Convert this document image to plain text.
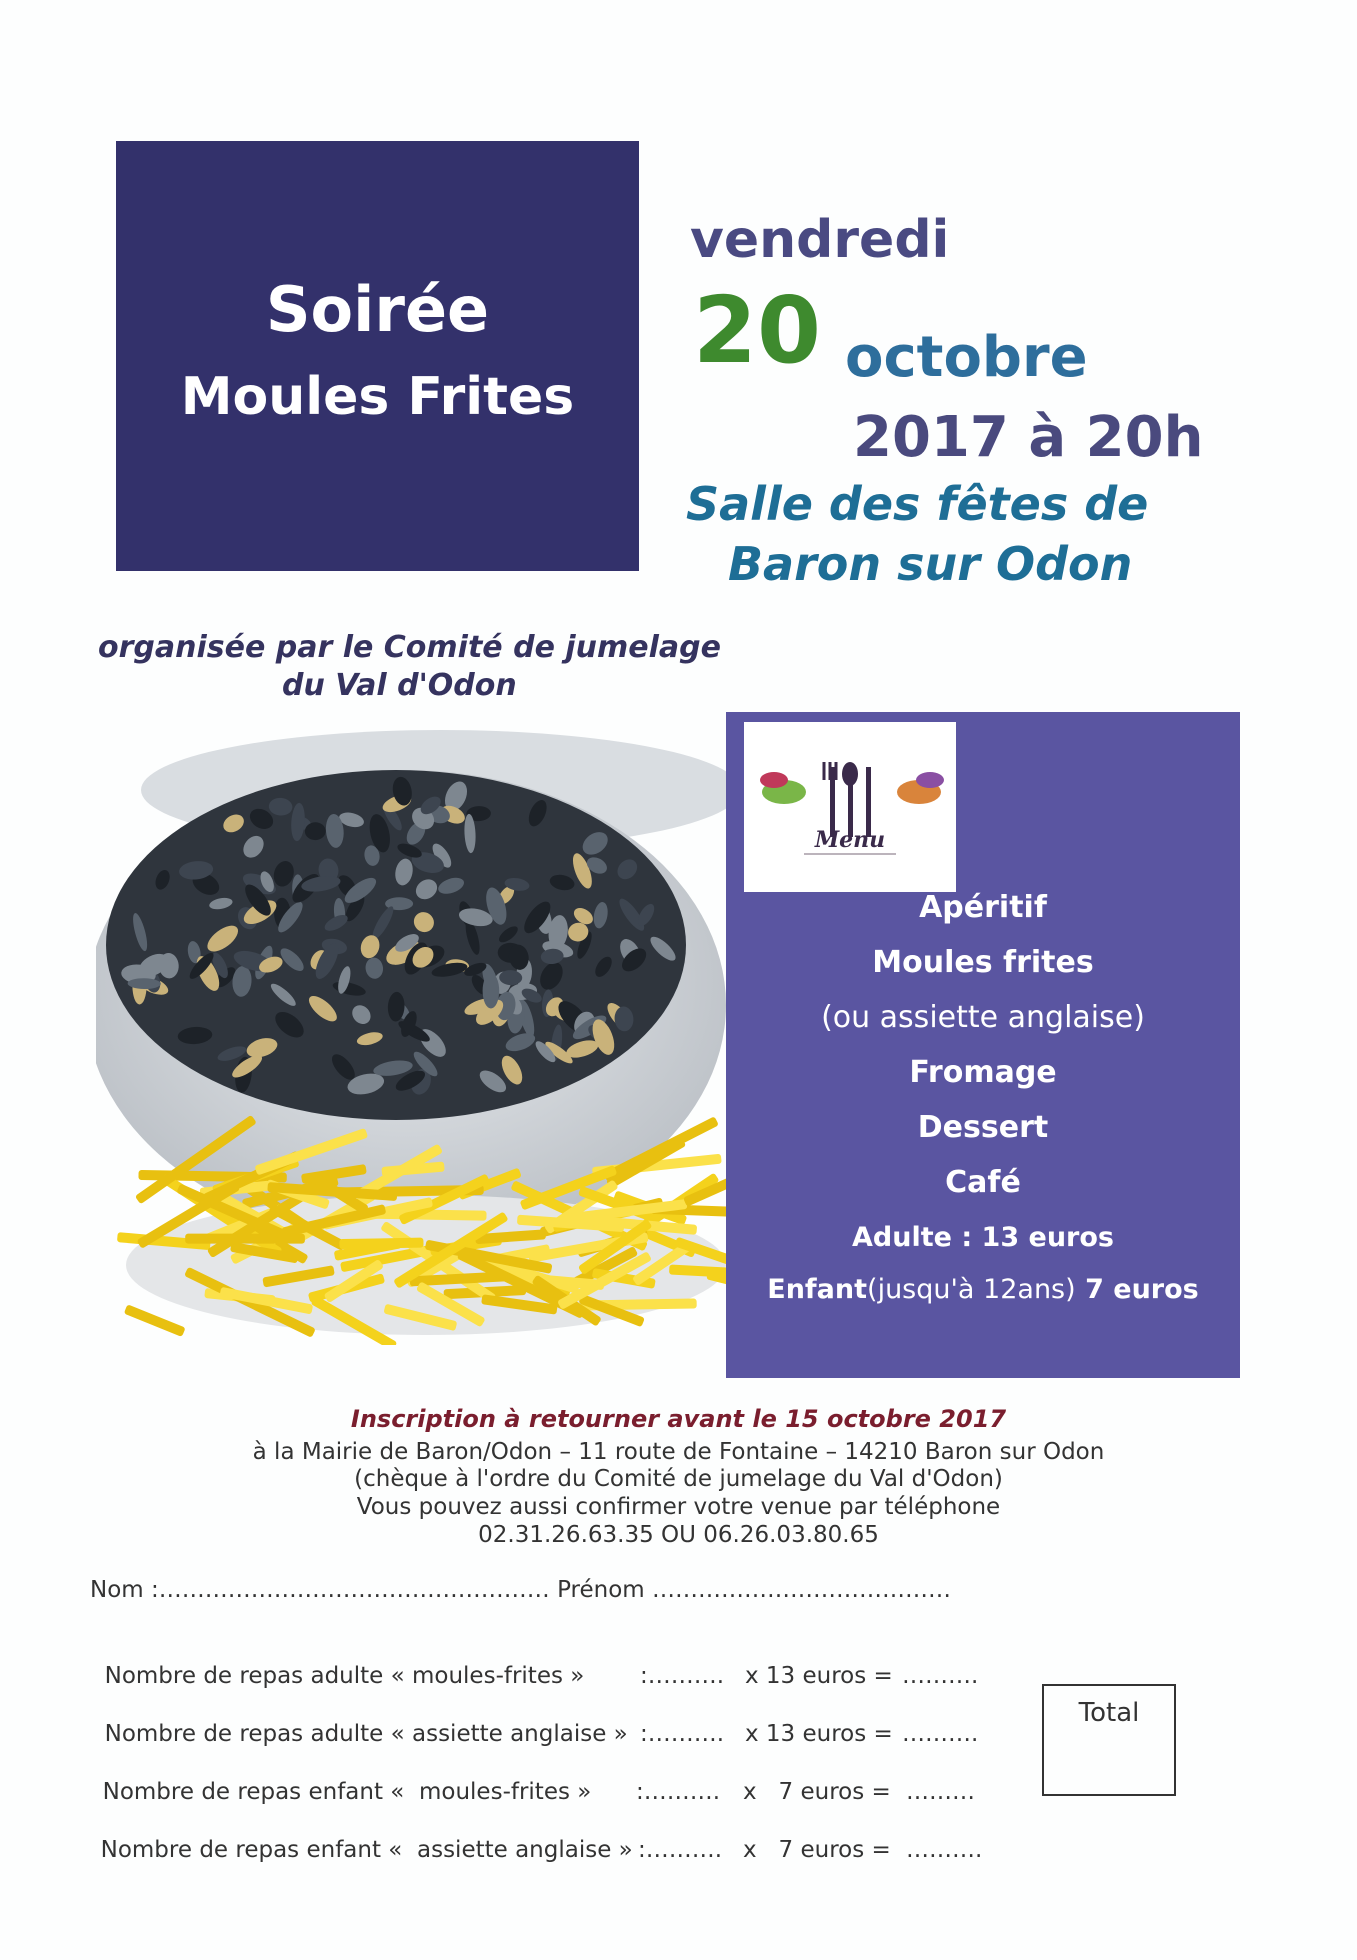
Soirée
Moules Frites
vendredi
20 octobre
2017 à 20h
Salle des fêtes de
Baron sur Odon
organisée par le Comité de jumelage
du Val d'Odon
Menu
Apéritif
Moules frites
(ou assiette anglaise)
Fromage
Dessert
Café
Adulte : 13 euros
Enfant(jusqu'à 12ans) 7 euros
Inscription à retourner avant le 15 octobre 2017
à la Mairie de Baron/Odon – 11 route de Fontaine – 14210 Baron sur Odon
(chèque à l'ordre du Comité de jumelage du Val d'Odon)
Vous pouvez aussi confirmer votre venue par téléphone
02.31.26.63.35 OU 06.26.03.80.65
Nom :…………………………………………… Prénom …………………………………

Nombre de repas adulte « moules-frites » :………. x 13 euros = ……….

Nombre de repas adulte « assiette anglaise » :………. x 13 euros = ……….

Nombre de repas enfant «  moules-frites » :………. x   7 euros = ………

Nombre de repas enfant «  assiette anglaise » :………. x   7 euros = ……….

Total
